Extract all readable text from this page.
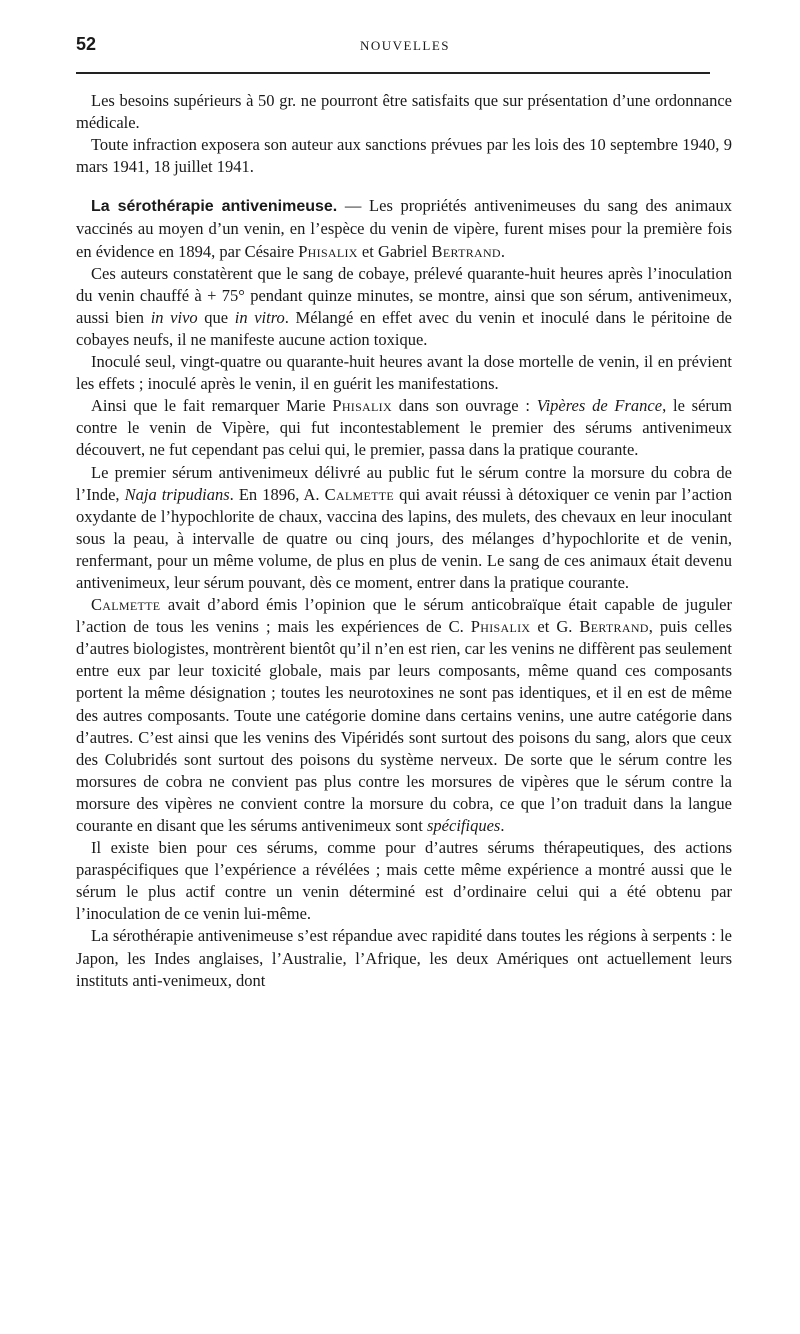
52	NOUVELLES

Les besoins supérieurs à 50 gr. ne pourront être satisfaits que sur présentation d’une ordonnance médicale.

Toute infraction exposera son auteur aux sanctions prévues par les lois des 10 septembre 1940, 9 mars 1941, 18 juillet 1941.

La sérothérapie antivenimeuse. — Les propriétés antivenimeuses du sang des animaux vaccinés au moyen d’un venin, en l’espèce du venin de vipère, furent mises pour la première fois en évidence en 1894, par Césaire Phisalix et Gabriel Bertrand.

Ces auteurs constatèrent que le sang de cobaye, prélevé quarante-huit heures après l’inoculation du venin chauffé à + 75° pendant quinze minutes, se montre, ainsi que son sérum, antivenimeux, aussi bien in vivo que in vitro. Mélangé en effet avec du venin et inoculé dans le péritoine de cobayes neufs, il ne manifeste aucune action toxique.

Inoculé seul, vingt-quatre ou quarante-huit heures avant la dose mortelle de venin, il en prévient les effets ; inoculé après le venin, il en guérit les manifestations.

Ainsi que le fait remarquer Marie Phisalix dans son ouvrage : Vipères de France, le sérum contre le venin de Vipère, qui fut incontestablement le premier des sérums antivenimeux découvert, ne fut cependant pas celui qui, le premier, passa dans la pratique courante.

Le premier sérum antivenimeux délivré au public fut le sérum contre la morsure du cobra de l’Inde, Naja tripudians. En 1896, A. Calmette qui avait réussi à détoxiquer ce venin par l’action oxydante de l’hypochlorite de chaux, vaccina des lapins, des mulets, des chevaux en leur inoculant sous la peau, à intervalle de quatre ou cinq jours, des mélanges d’hypochlorite et de venin, renfermant, pour un même volume, de plus en plus de venin. Le sang de ces animaux était devenu antivenimeux, leur sérum pouvant, dès ce moment, entrer dans la pratique courante.

Calmette avait d’abord émis l’opinion que le sérum anticobraïque était capable de juguler l’action de tous les venins ; mais les expériences de C. Phisalix et G. Bertrand, puis celles d’autres biologistes, montrèrent bientôt qu’il n’en est rien, car les venins ne diffèrent pas seulement entre eux par leur toxicité globale, mais par leurs composants, même quand ces composants portent la même désignation ; toutes les neurotoxines ne sont pas identiques, et il en est de même des autres composants. Toute une catégorie domine dans certains venins, une autre catégorie dans d’autres. C’est ainsi que les venins des Vipéridés sont surtout des poisons du sang, alors que ceux des Colubridés sont surtout des poisons du système nerveux. De sorte que le sérum contre les morsures de cobra ne convient pas plus contre les morsures de vipères que le sérum contre la morsure des vipères ne convient contre la morsure du cobra, ce que l’on traduit dans la langue courante en disant que les sérums antivenimeux sont spécifiques.

Il existe bien pour ces sérums, comme pour d’autres sérums thérapeutiques, des actions paraspécifiques que l’expérience a révélées ; mais cette même expérience a montré aussi que le sérum le plus actif contre un venin déterminé est d’ordinaire celui qui a été obtenu par l’inoculation de ce venin lui-même.

La sérothérapie antivenimeuse s’est répandue avec rapidité dans toutes les régions à serpents : le Japon, les Indes anglaises, l’Australie, l’Afrique, les deux Amériques ont actuellement leurs instituts anti-venimeux, dont
